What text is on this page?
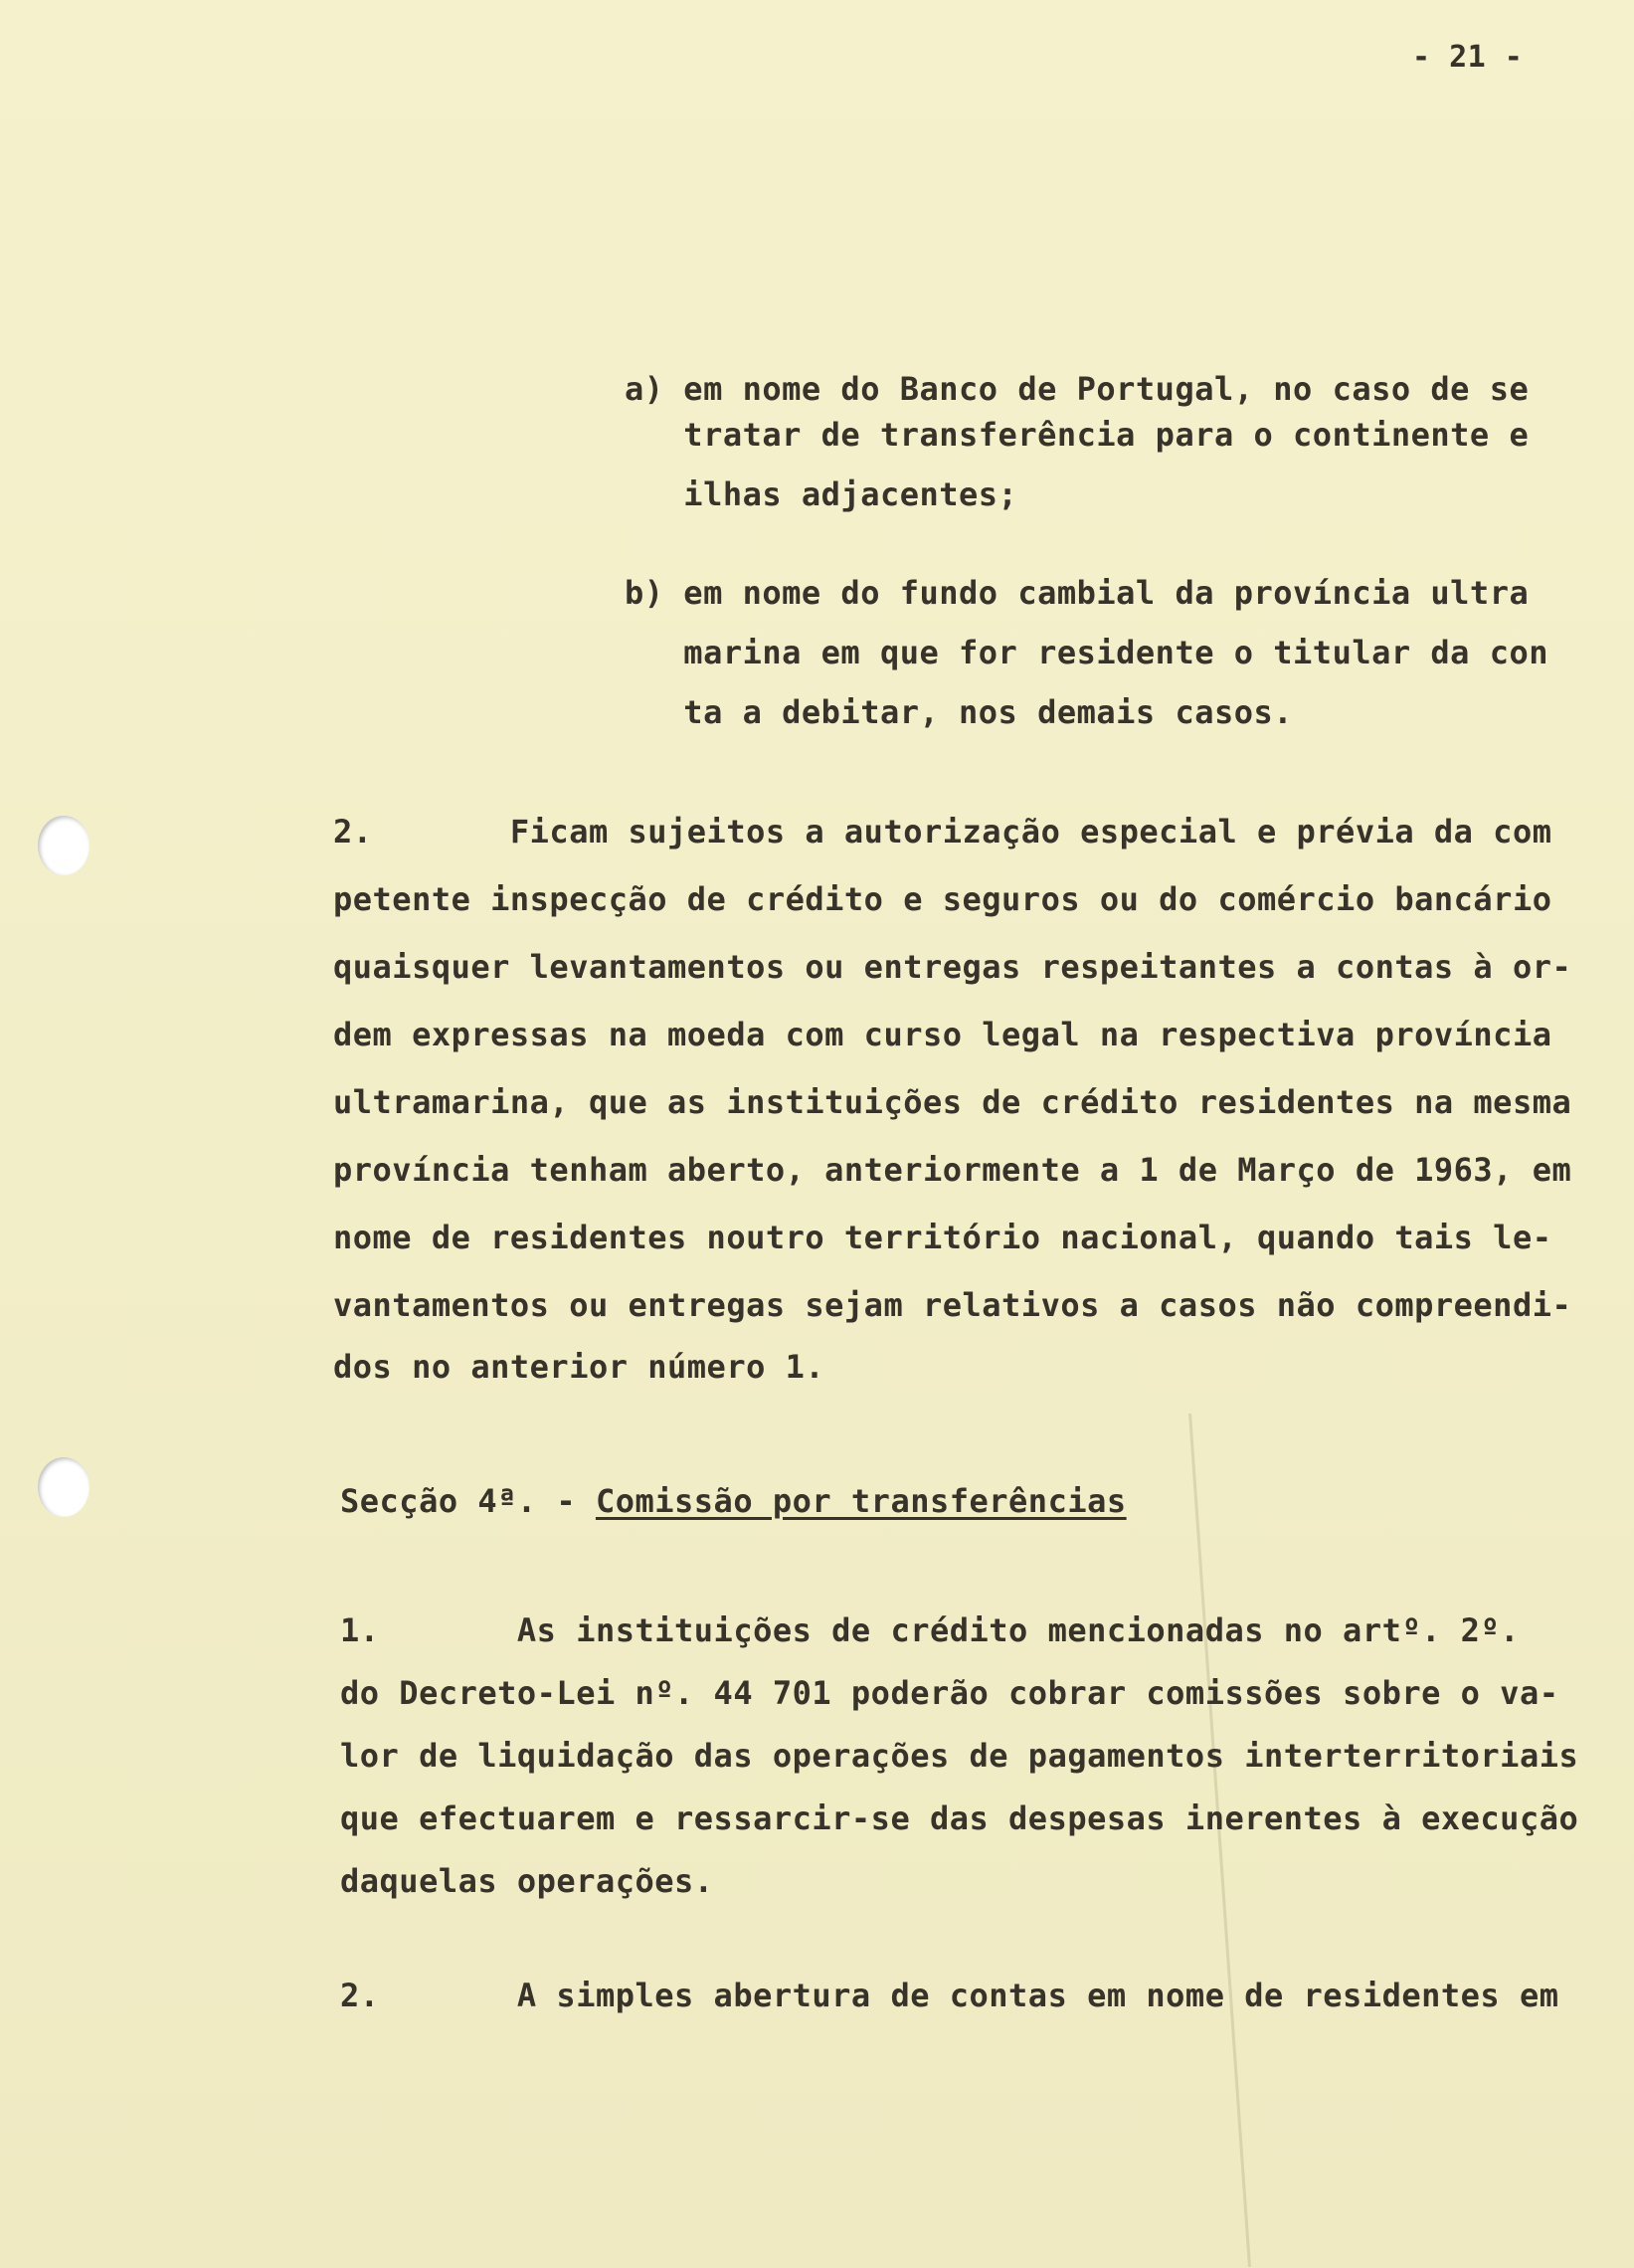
- 21 -
a) em nome do Banco de Portugal, no caso de se
tratar de transferência para o continente e
ilhas adjacentes;
b) em nome do fundo cambial da província ultra
marina em que for residente o titular da con
ta a debitar, nos demais casos.
2.       Ficam sujeitos a autorização especial e prévia da com
petente inspecção de crédito e seguros ou do comércio bancário
quaisquer levantamentos ou entregas respeitantes a contas à or-
dem expressas na moeda com curso legal na respectiva província
ultramarina, que as instituições de crédito residentes na mesma
província tenham aberto, anteriormente a 1 de Março de 1963, em
nome de residentes noutro território nacional, quando tais le-
vantamentos ou entregas sejam relativos a casos não compreendi-
dos no anterior número 1.
Secção 4ª. - Comissão por transferências
1.       As instituições de crédito mencionadas no artº. 2º.
do Decreto-Lei nº. 44 701 poderão cobrar comissões sobre o va-
lor de liquidação das operações de pagamentos interterritoriais
que efectuarem e ressarcir-se das despesas inerentes à execução
daquelas operações.
2.       A simples abertura de contas em nome de residentes em
